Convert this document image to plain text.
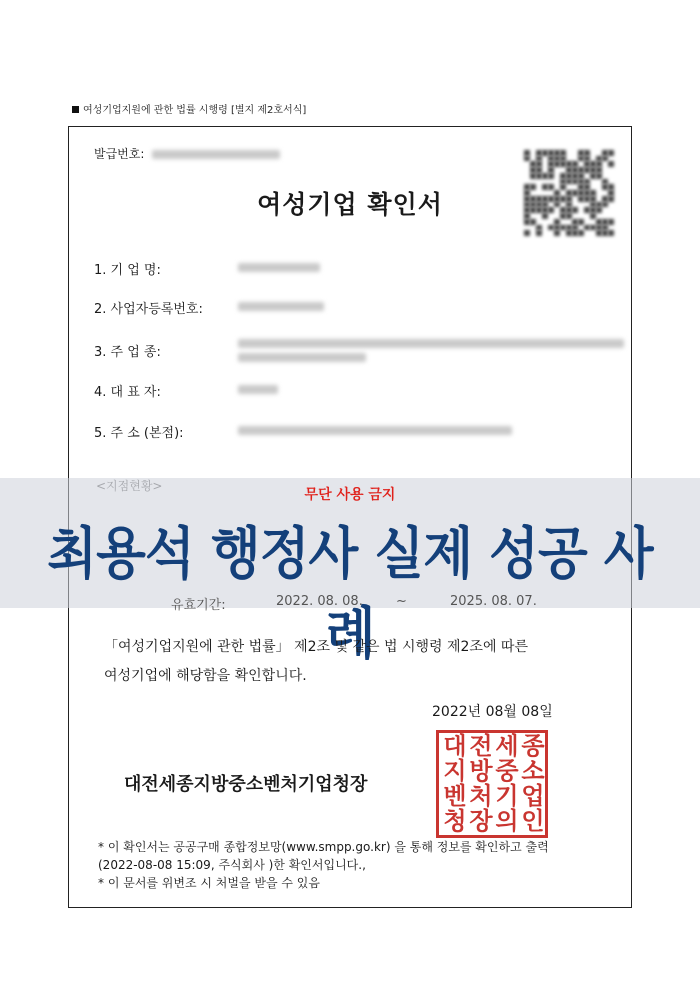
여성기업지원에 관한 법률 시행령 [별지 제2호서식]
발급번호:
여성기업 확인서
1. 기 업 명:
2. 사업자등록번호:
3. 주 업 종:
4. 대 표 자:
5. 주 소 (본점):
무단 사용 금지
최용석 행정사 실제 성공 사례
유효기간:	2022. 08. 08.	~	2025. 08. 07.
「여성기업지원에 관한 법률」 제2조 및 같은 법 시행령 제2조에 따른
여성기업에 해당함을 확인합니다.
2022년 08월 08일
대전세종지방중소벤처기업청장
대 전 세 종
지 방 중 소
벤 처 기 업
청 장 의 인
* 이 확인서는 공공구매 종합정보망(www.smpp.go.kr) 을 통해 정보를 확인하고 출력
(2022-08-08 15:09, 주식회사 )한 확인서입니다.,
* 이 문서를 위변조 시 처벌을 받을 수 있음
